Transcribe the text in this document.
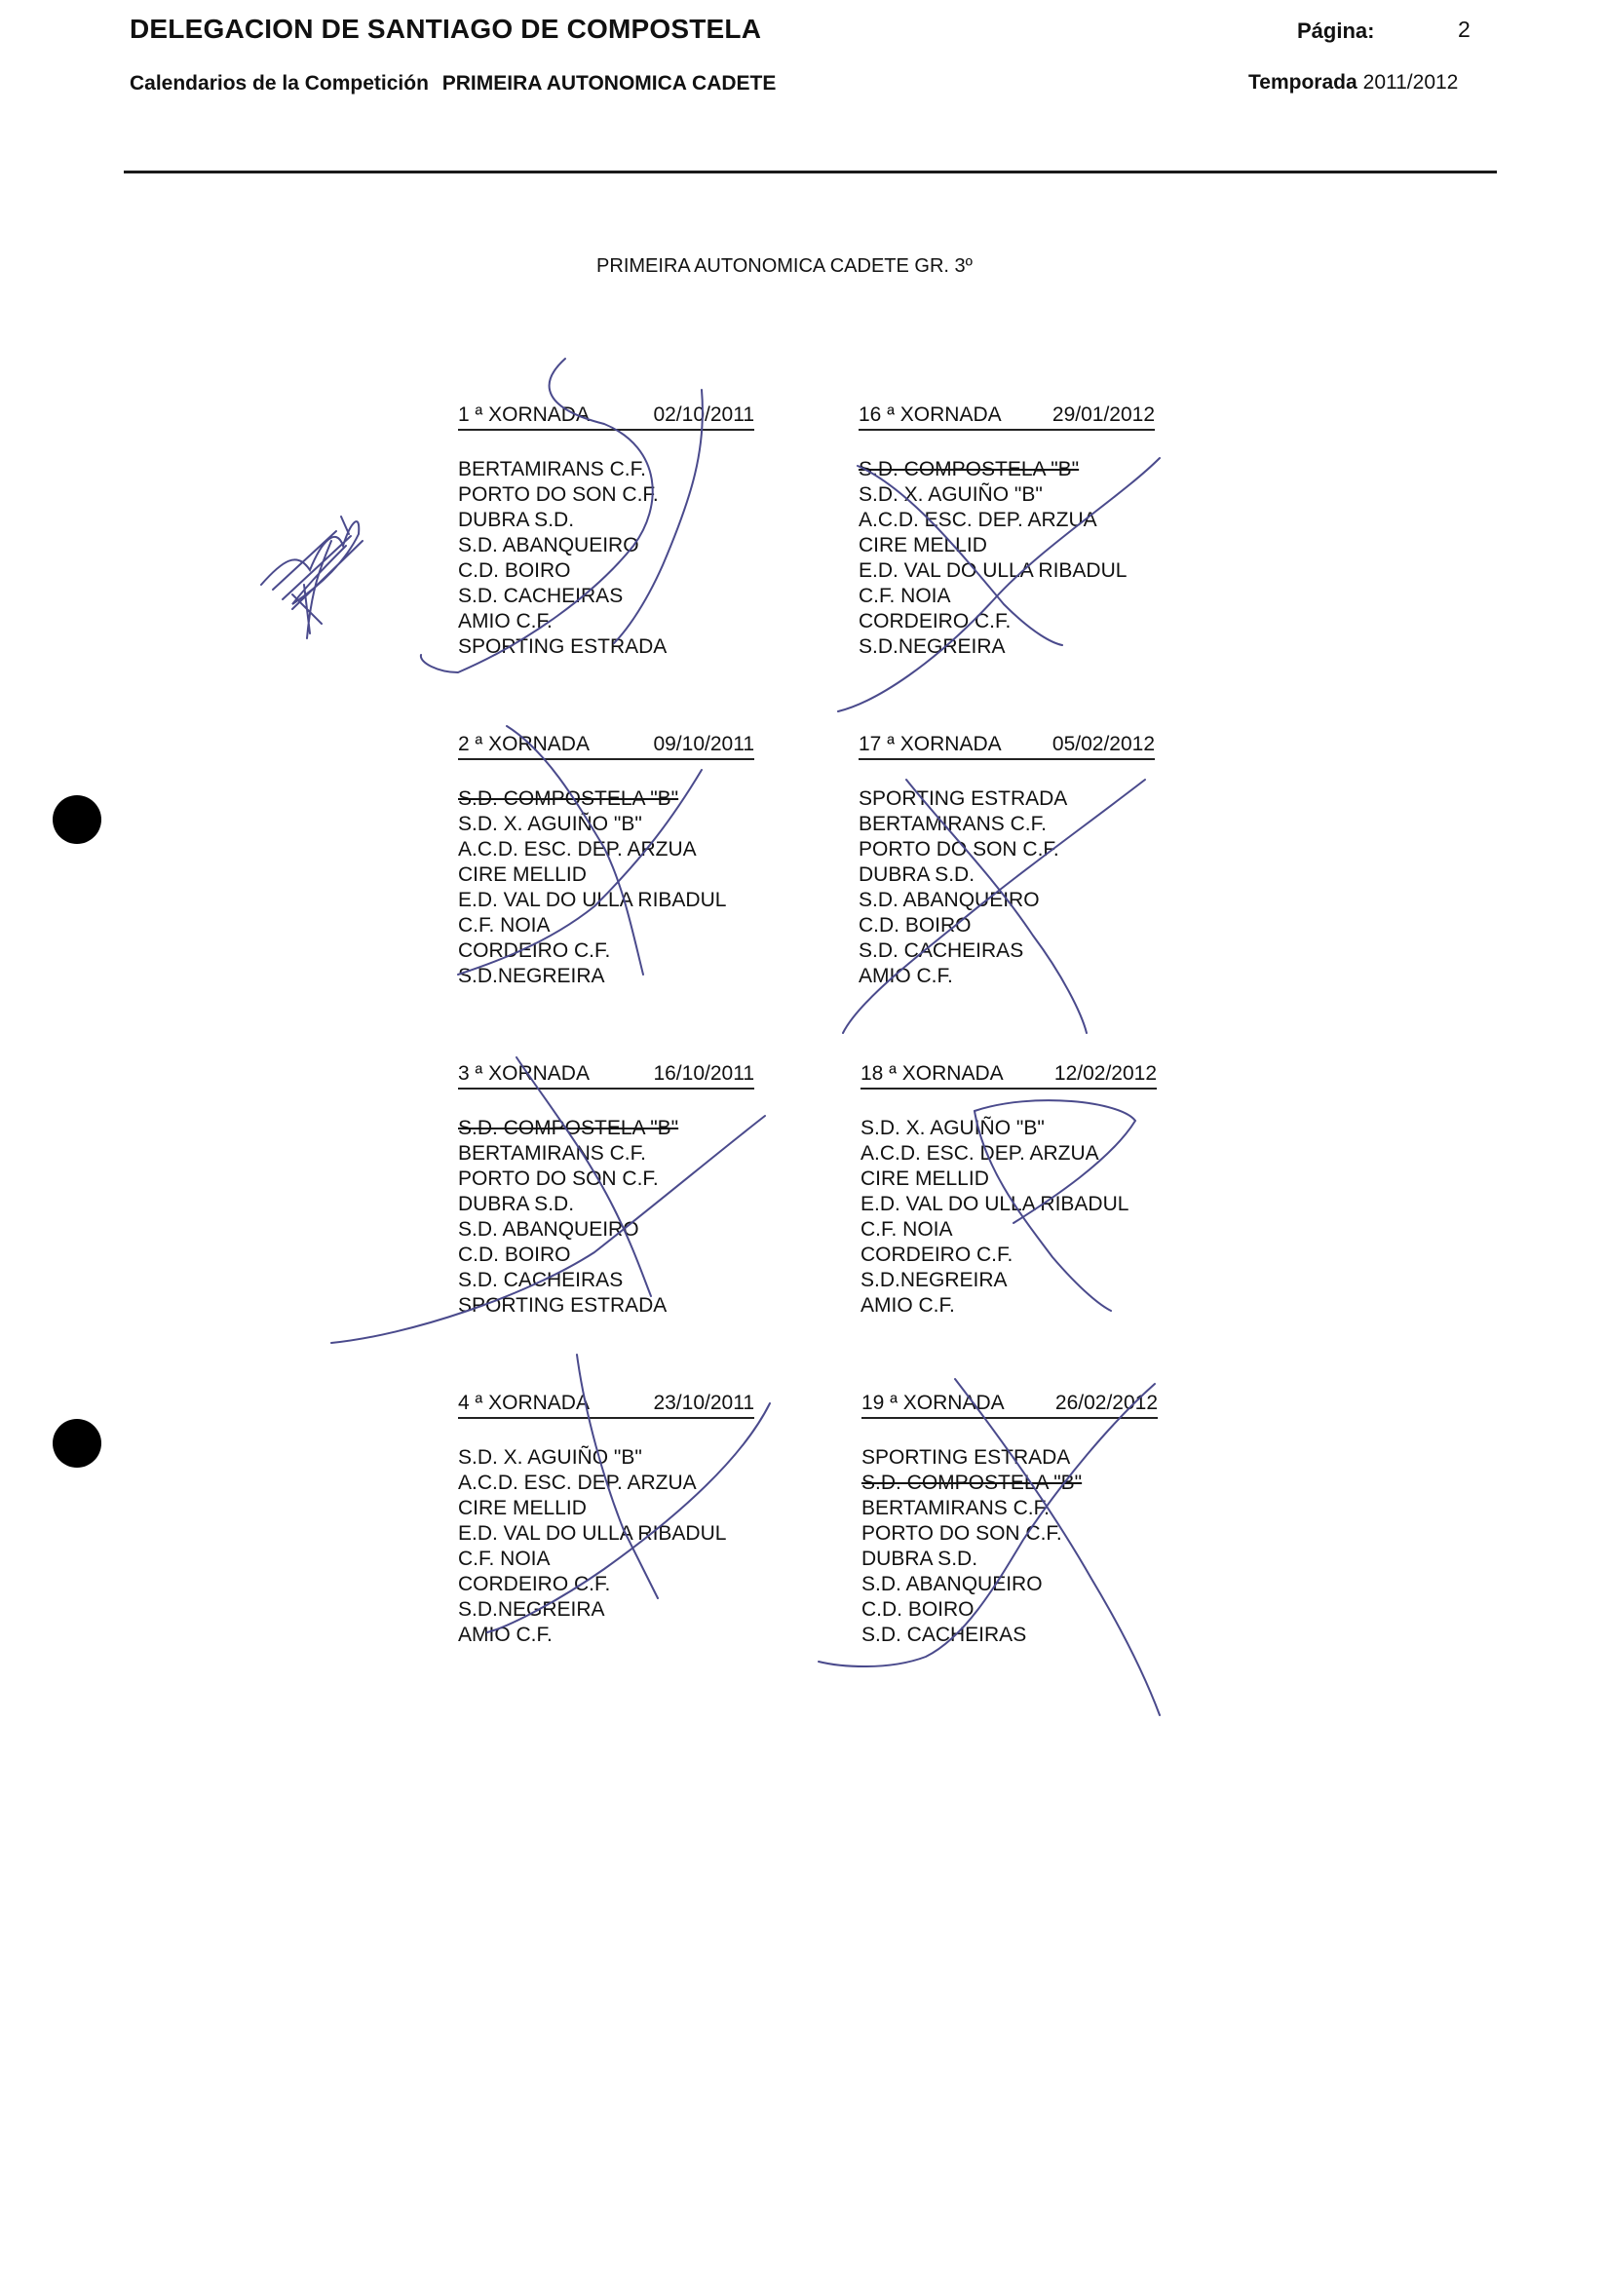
DELEGACION DE SANTIAGO DE COMPOSTELA	Página:	2
Calendarios de la Competición PRIMEIRA AUTONOMICA CADETE	Temporada 2011/2012
PRIMEIRA AUTONOMICA CADETE GR. 3º
1 ª XORNADA	02/10/2011
BERTAMIRANS C.F.
PORTO DO SON C.F.
DUBRA S.D.
S.D. ABANQUEIRO
C.D. BOIRO
S.D. CACHEIRAS
AMIO C.F.
SPORTING ESTRADA
16 ª XORNADA 29/01/2012
S.D. COMPOSTELA "B"
S.D. X. AGUIÑO "B"
A.C.D. ESC. DEP. ARZUA
CIRE MELLID
E.D. VAL DO ULLA RIBADUL
C.F. NOIA
CORDEIRO C.F.
S.D.NEGREIRA
2 ª XORNADA	09/10/2011
S.D. COMPOSTELA "B"
S.D. X. AGUIÑO "B"
A.C.D. ESC. DEP. ARZUA
CIRE MELLID
E.D. VAL DO ULLA RIBADUL
C.F. NOIA
CORDEIRO C.F.
S.D.NEGREIRA
17 ª XORNADA 05/02/2012
SPORTING ESTRADA
BERTAMIRANS C.F.
PORTO DO SON C.F.
DUBRA S.D.
S.D. ABANQUEIRO
C.D. BOIRO
S.D. CACHEIRAS
AMIO C.F.
3 ª XORNADA	16/10/2011
S.D. COMPOSTELA "B"
BERTAMIRANS C.F.
PORTO DO SON C.F.
DUBRA S.D.
S.D. ABANQUEIRO
C.D. BOIRO
S.D. CACHEIRAS
SPORTING ESTRADA
18 ª XORNADA 12/02/2012
S.D. X. AGUIÑO "B"
A.C.D. ESC. DEP. ARZUA
CIRE MELLID
E.D. VAL DO ULLA RIBADUL
C.F. NOIA
CORDEIRO C.F.
S.D.NEGREIRA
AMIO C.F.
4 ª XORNADA	23/10/2011
S.D. X. AGUIÑO "B"
A.C.D. ESC. DEP. ARZUA
CIRE MELLID
E.D. VAL DO ULLA RIBADUL
C.F. NOIA
CORDEIRO C.F.
S.D.NEGREIRA
AMIO C.F.
19 ª XORNADA 26/02/2012
SPORTING ESTRADA
S.D. COMPOSTELA "B"
BERTAMIRANS C.F.
PORTO DO SON C.F.
DUBRA S.D.
S.D. ABANQUEIRO
C.D. BOIRO
S.D. CACHEIRAS
